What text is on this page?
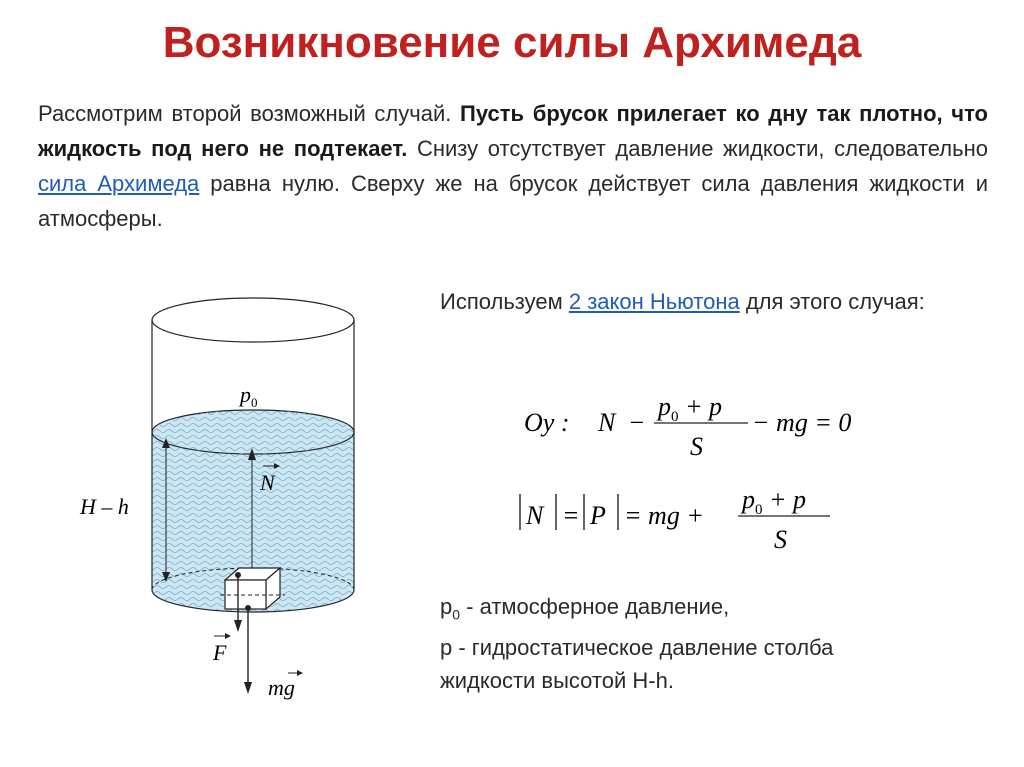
Возникновение силы Архимеда
Рассмотрим второй возможный случай. Пусть брусок прилегает ко дну так плотно, что жидкость под него не подтекает. Снизу отсутствует давление жидкости, следовательно сила Архимеда равна нулю. Сверху же на брусок действует сила давления жидкости и атмосферы.
Используем 2 закон Ньютона для этого случая:
$p_0$
H – h
N
F
mg
Oy : N −
$p_0 + p$
S
− mg = 0
N = P = mg +
$p_0 + p$
S
$p_0$ - атмосферное давление,
p - гидростатическое давление столба
жидкости высотой H-h.
